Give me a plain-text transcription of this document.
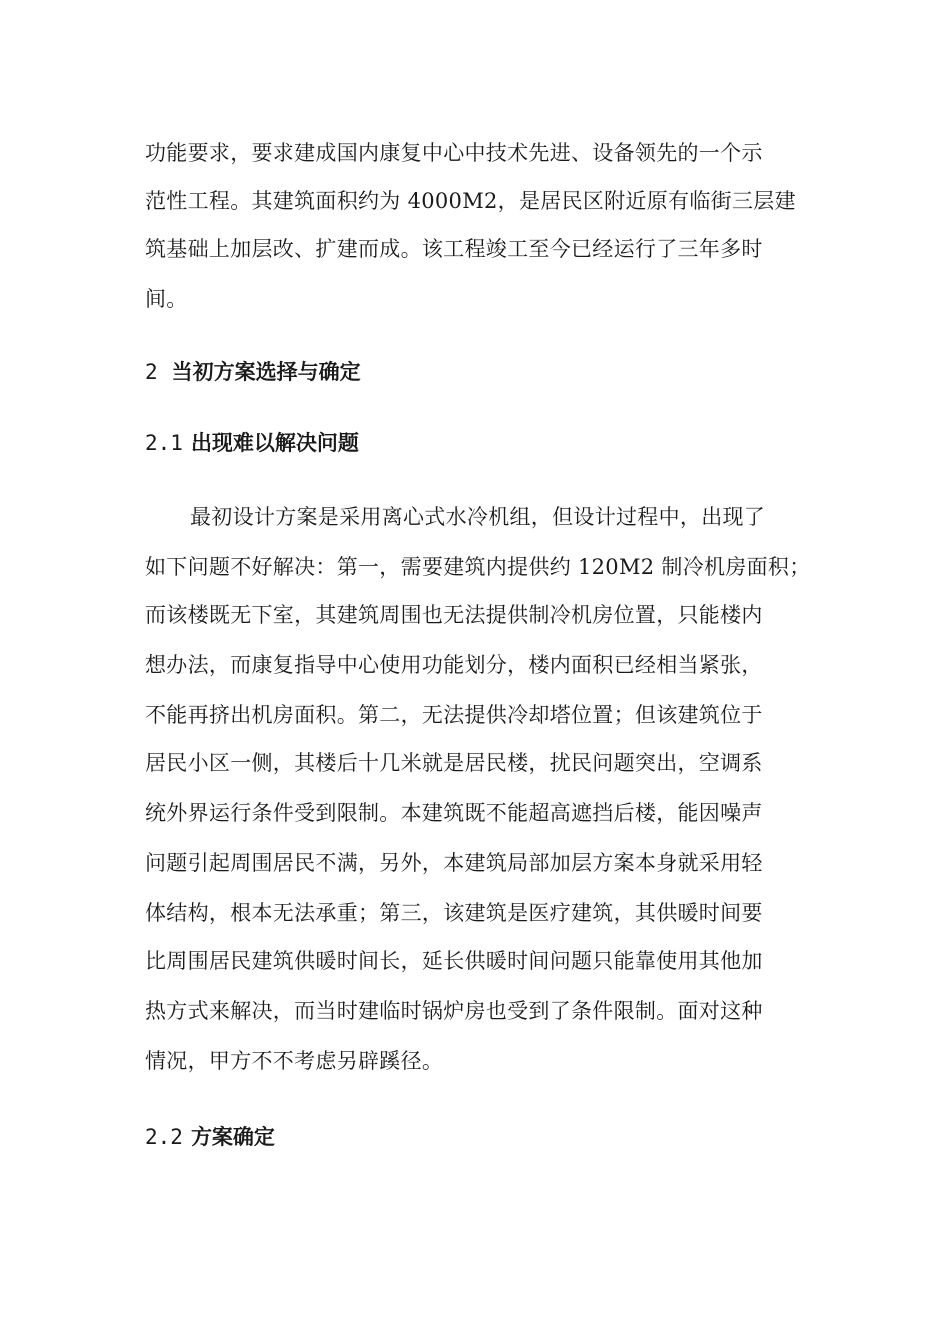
功能要求，要求建成国内康复中心中技术先进、设备领先的一个示
范性工程。其建筑面积约为 4000M2，是居民区附近原有临街三层建
筑基础上加层改、扩建而成。该工程竣工至今已经运行了三年多时
间。
2 当初方案选择与确定
2.1 出现难以解决问题
最初设计方案是采用离心式水冷机组，但设计过程中，出现了
如下问题不好解决：第一，需要建筑内提供约 120M2 制冷机房面积；
而该楼既无下室，其建筑周围也无法提供制冷机房位置，只能楼内
想办法，而康复指导中心使用功能划分，楼内面积已经相当紧张，
不能再挤出机房面积。第二，无法提供冷却塔位置；但该建筑位于
居民小区一侧，其楼后十几米就是居民楼，扰民问题突出，空调系
统外界运行条件受到限制。本建筑既不能超高遮挡后楼，能因噪声
问题引起周围居民不满，另外，本建筑局部加层方案本身就采用轻
体结构，根本无法承重；第三，该建筑是医疗建筑，其供暖时间要
比周围居民建筑供暖时间长，延长供暖时间问题只能靠使用其他加
热方式来解决，而当时建临时锅炉房也受到了条件限制。面对这种
情况，甲方不不考虑另辟蹊径。
2.2 方案确定
